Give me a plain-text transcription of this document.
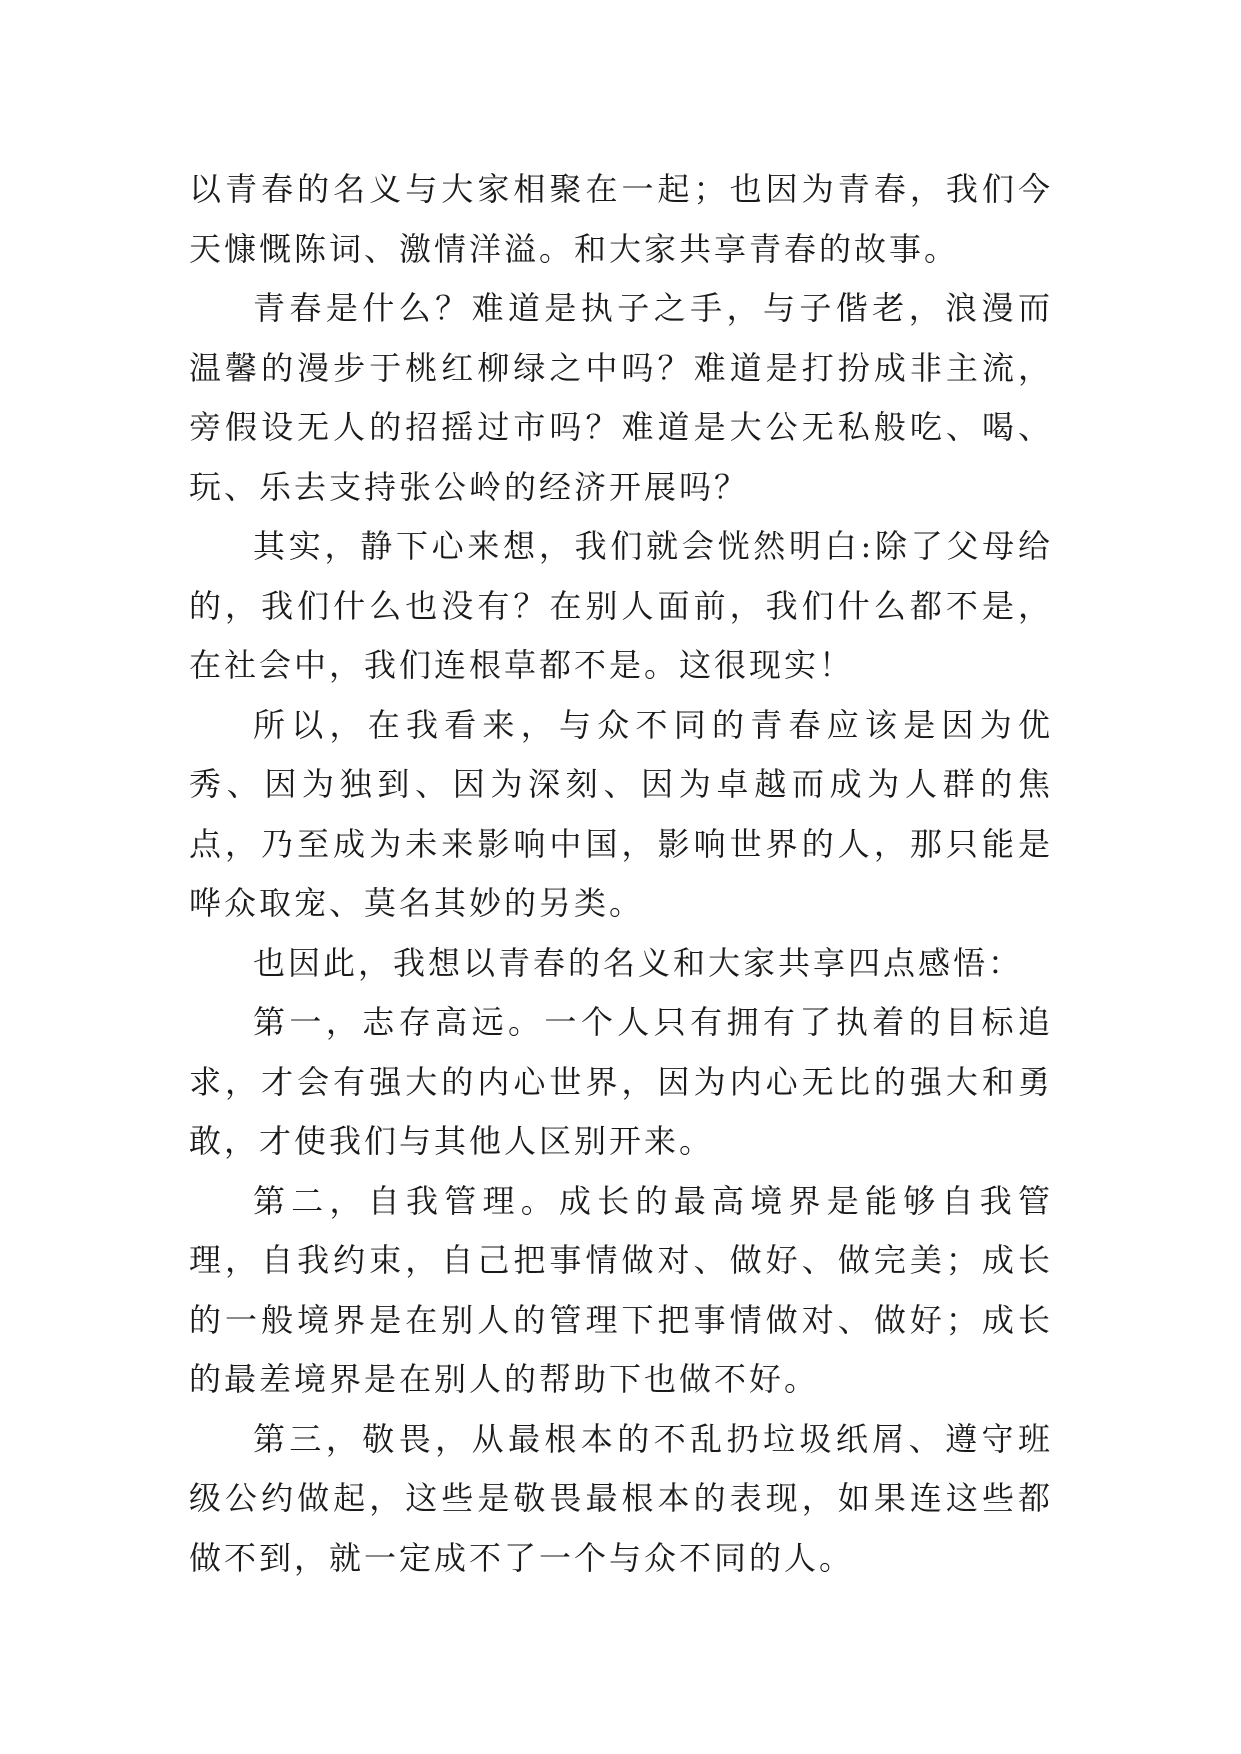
以青春的名义与大家相聚在一起；也因为青春，我们今天慷慨陈词、激情洋溢。和大家共享青春的故事。

青春是什么？难道是执子之手，与子偕老，浪漫而温馨的漫步于桃红柳绿之中吗？难道是打扮成非主流，旁假设无人的招摇过市吗？难道是大公无私般吃、喝、玩、乐去支持张公岭的经济开展吗？

其实，静下心来想，我们就会恍然明白:除了父母给的，我们什么也没有？在别人面前，我们什么都不是，在社会中，我们连根草都不是。这很现实！

所以，在我看来，与众不同的青春应该是因为优秀、因为独到、因为深刻、因为卓越而成为人群的焦点，乃至成为未来影响中国，影响世界的人，那只能是哗众取宠、莫名其妙的另类。

也因此，我想以青春的名义和大家共享四点感悟：

第一，志存高远。一个人只有拥有了执着的目标追求，才会有强大的内心世界，因为内心无比的强大和勇敢，才使我们与其他人区别开来。

第二，自我管理。成长的最高境界是能够自我管理，自我约束，自己把事情做对、做好、做完美；成长的一般境界是在别人的管理下把事情做对、做好；成长的最差境界是在别人的帮助下也做不好。

第三，敬畏，从最根本的不乱扔垃圾纸屑、遵守班级公约做起，这些是敬畏最根本的表现，如果连这些都做不到，就一定成不了一个与众不同的人。
